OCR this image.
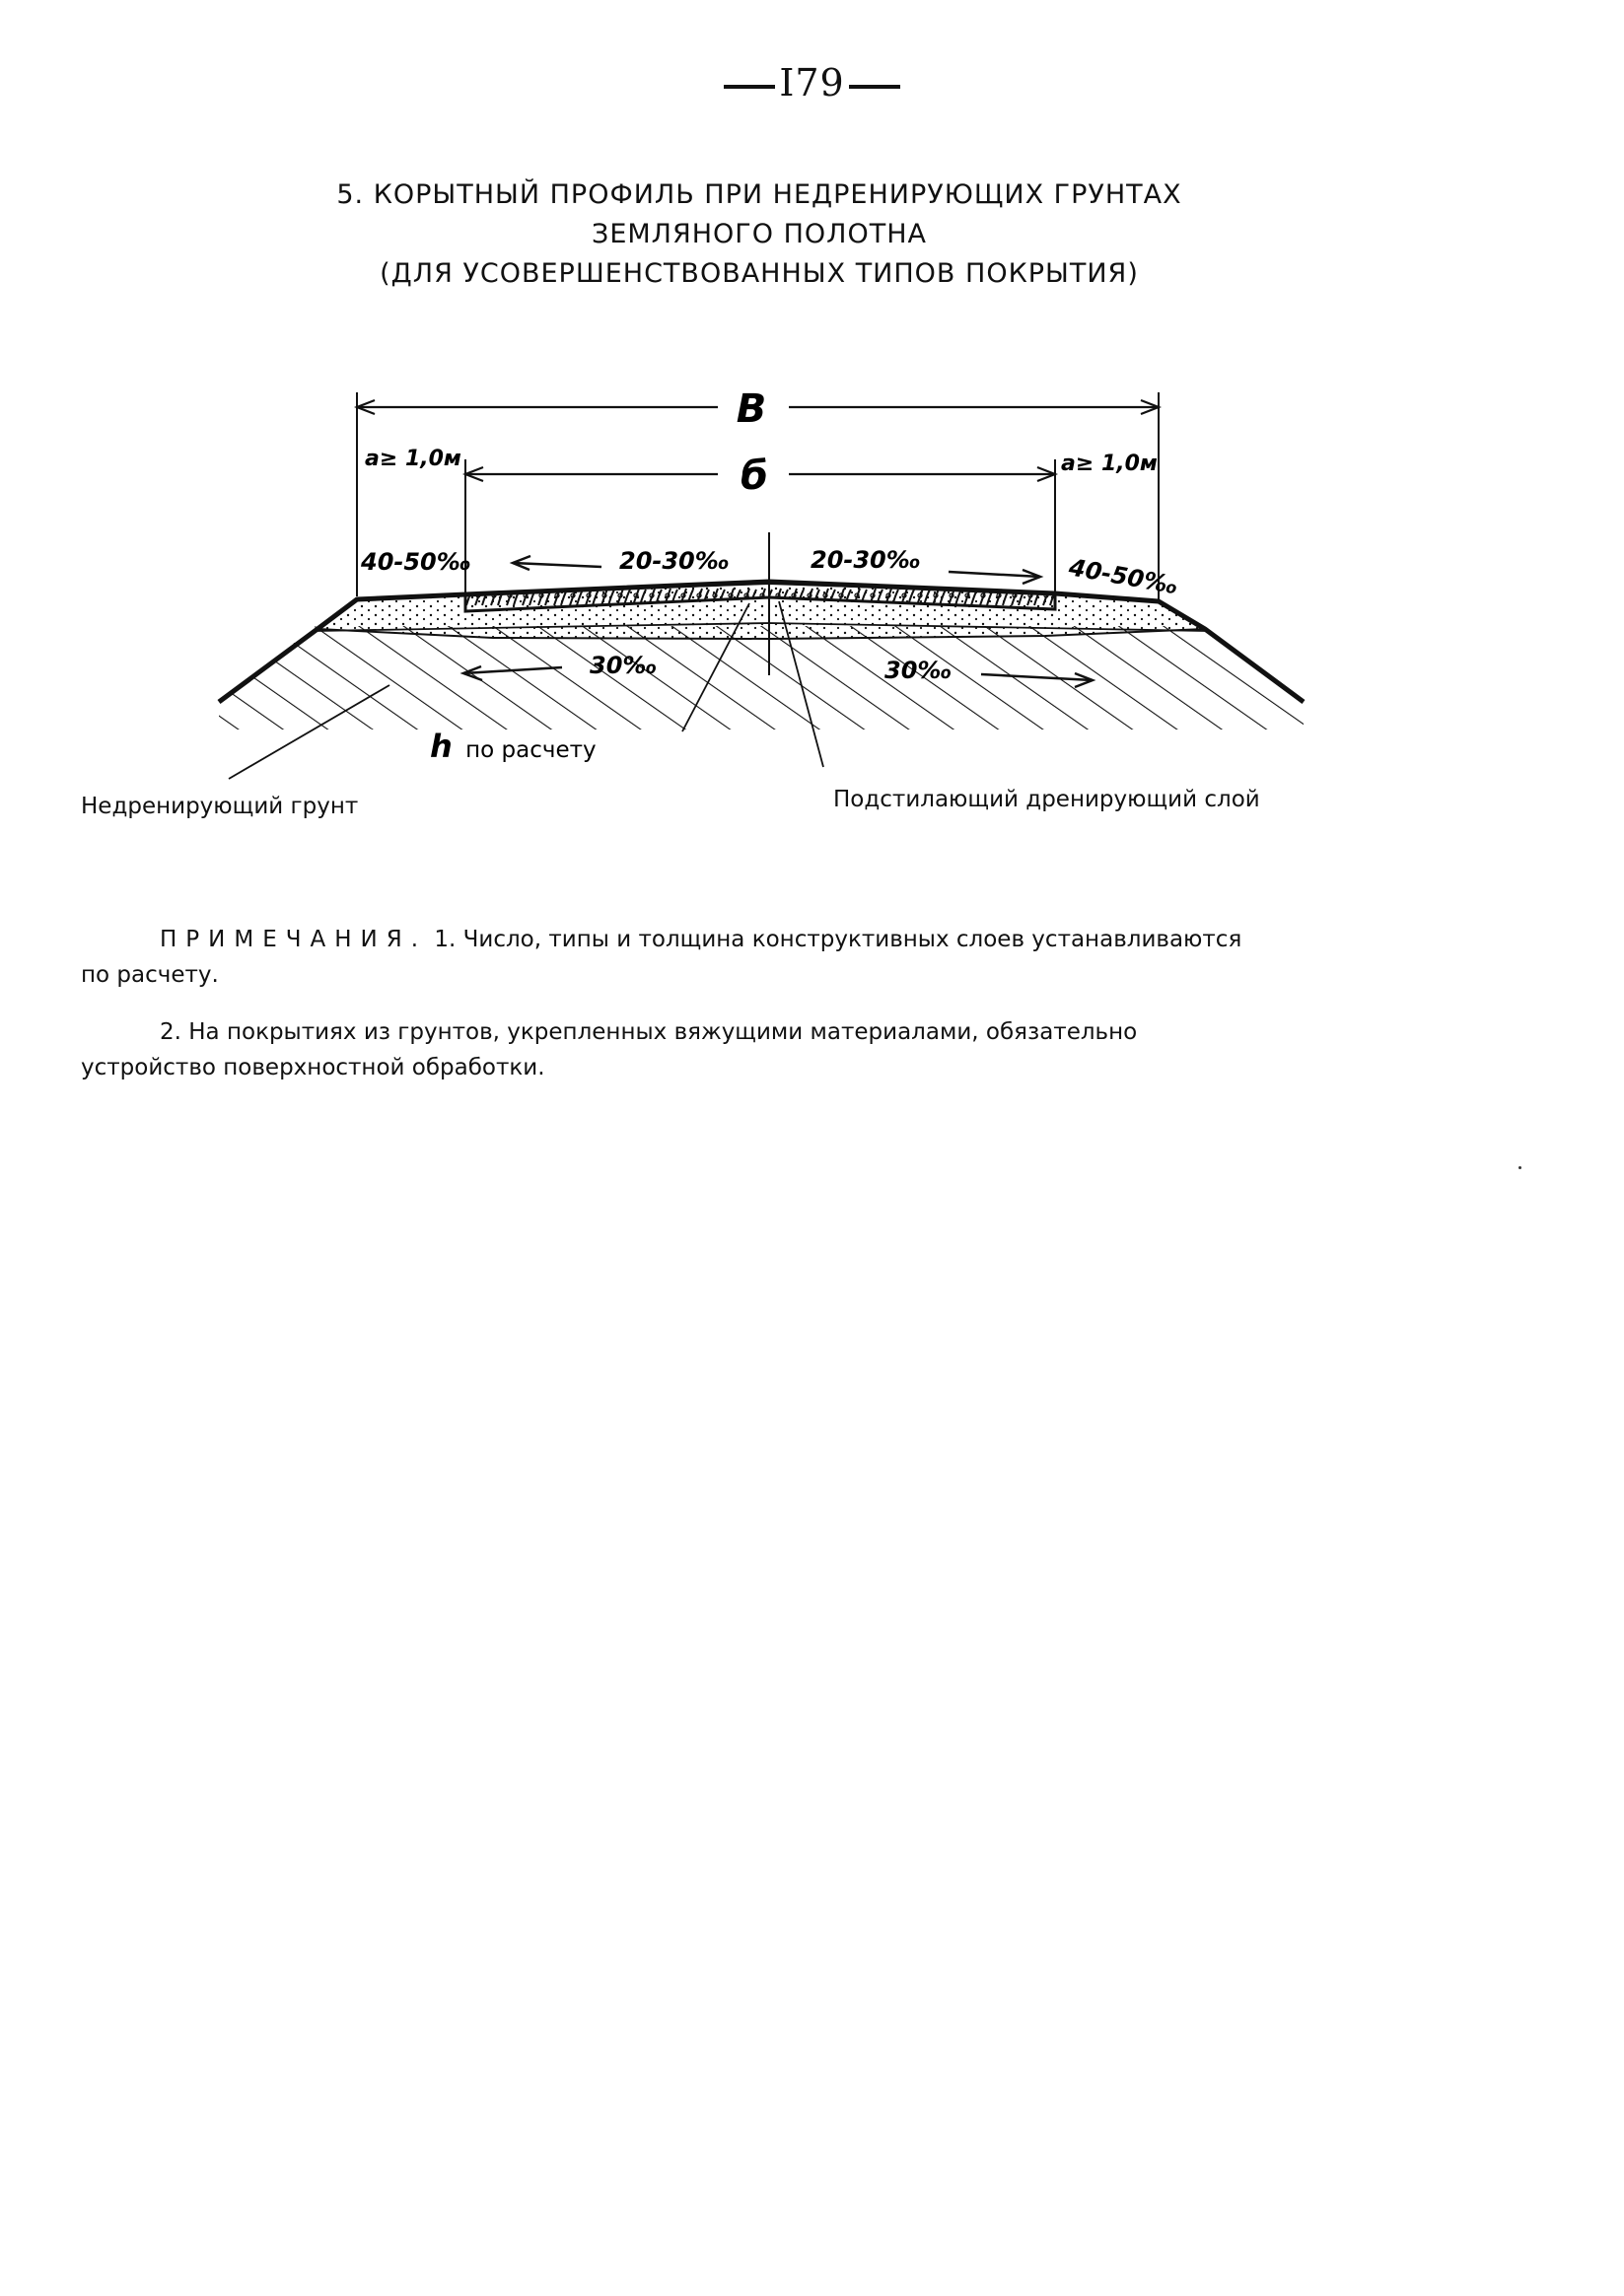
I79
5. КОРЫТНЫЙ ПРОФИЛЬ ПРИ НЕДРЕНИРУЮЩИХ ГРУНТАХ
ЗЕМЛЯНОГО ПОЛОТНА
(ДЛЯ УСОВЕРШЕНСТВОВАННЫХ ТИПОВ ПОКРЫТИЯ)
В
б
а≥ 1,0м	а≥ 1,0м
40-50‰	40-50‰
20-30‰	20-30‰
30‰	30‰
h по расчету
Недренирующий грунт	Подстилающий дренирующий слой

ПРИМЕЧАНИЯ. 1. Число, типы и толщина конструктивных слоев устанавливаются по расчету.

2. На покрытиях из грунтов, укрепленных вяжущими материалами, обязательно устройство поверхностной обработки.
